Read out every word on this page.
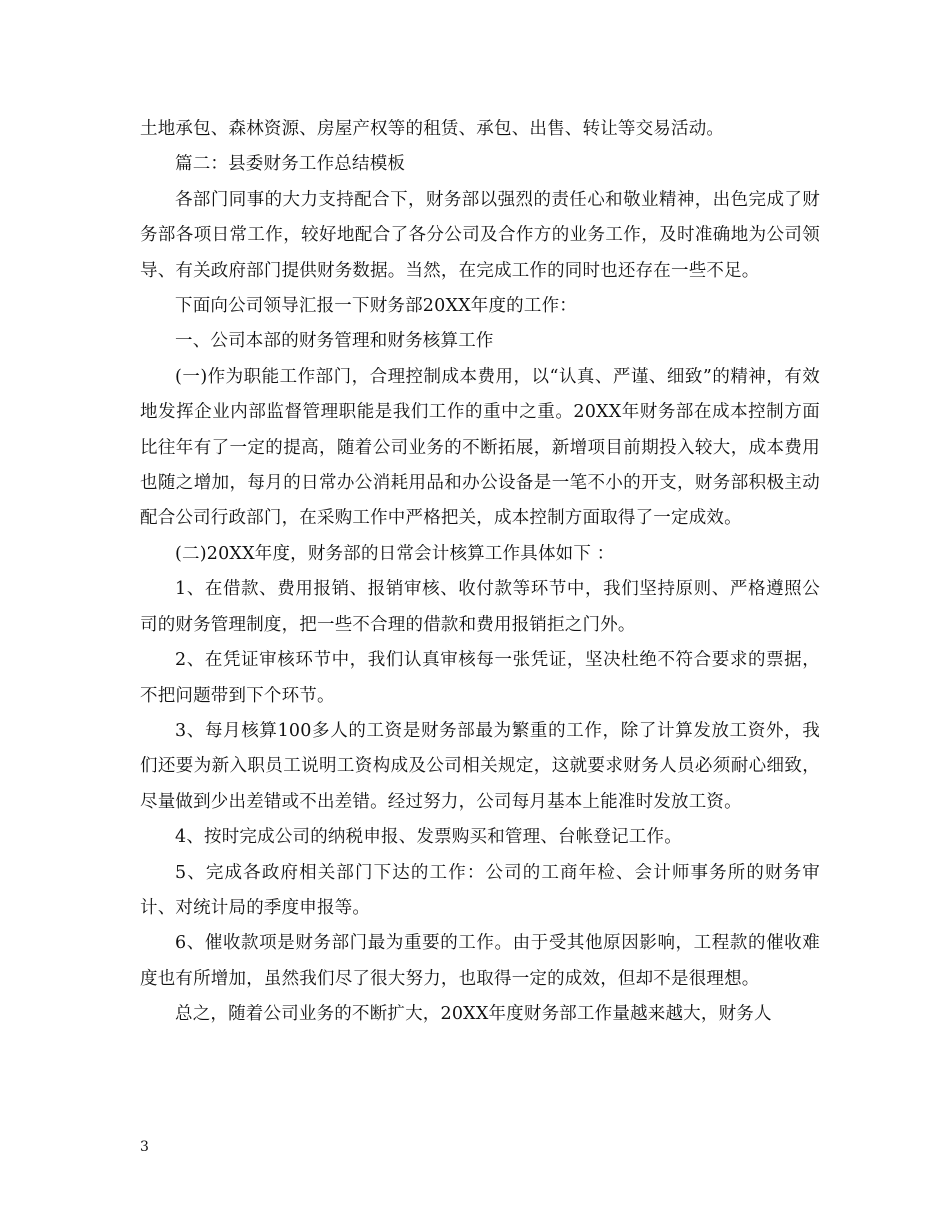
土地承包、森林资源、房屋产权等的租赁、承包、出售、转让等交易活动。

篇二：县委财务工作总结模板

各部门同事的大力支持配合下，财务部以强烈的责任心和敬业精神，出色完成了财务部各项日常工作，较好地配合了各分公司及合作方的业务工作，及时准确地为公司领导、有关政府部门提供财务数据。当然，在完成工作的同时也还存在一些不足。

下面向公司领导汇报一下财务部20XX年度的工作：

一、公司本部的财务管理和财务核算工作

(一)作为职能工作部门，合理控制成本费用，以“认真、严谨、细致”的精神，有效地发挥企业内部监督管理职能是我们工作的重中之重。20XX年财务部在成本控制方面比往年有了一定的提高，随着公司业务的不断拓展，新增项目前期投入较大，成本费用也随之增加，每月的日常办公消耗用品和办公设备是一笔不小的开支，财务部积极主动配合公司行政部门，在采购工作中严格把关，成本控制方面取得了一定成效。

(二)20XX年度，财务部的日常会计核算工作具体如下 ：

1、在借款、费用报销、报销审核、收付款等环节中，我们坚持原则、严格遵照公司的财务管理制度，把一些不合理的借款和费用报销拒之门外。

2、在凭证审核环节中，我们认真审核每一张凭证，坚决杜绝不符合要求的票据，不把问题带到下个环节。

3、每月核算100多人的工资是财务部最为繁重的工作，除了计算发放工资外，我们还要为新入职员工说明工资构成及公司相关规定，这就要求财务人员必须耐心细致，尽量做到少出差错或不出差错。经过努力，公司每月基本上能准时发放工资。

4、按时完成公司的纳税申报、发票购买和管理、台帐登记工作。

5、完成各政府相关部门下达的工作：公司的工商年检、会计师事务所的财务审计、对统计局的季度申报等。

6、催收款项是财务部门最为重要的工作。由于受其他原因影响，工程款的催收难度也有所增加，虽然我们尽了很大努力，也取得一定的成效，但却不是很理想。

总之，随着公司业务的不断扩大，20XX年度财务部工作量越来越大，财务人

3
